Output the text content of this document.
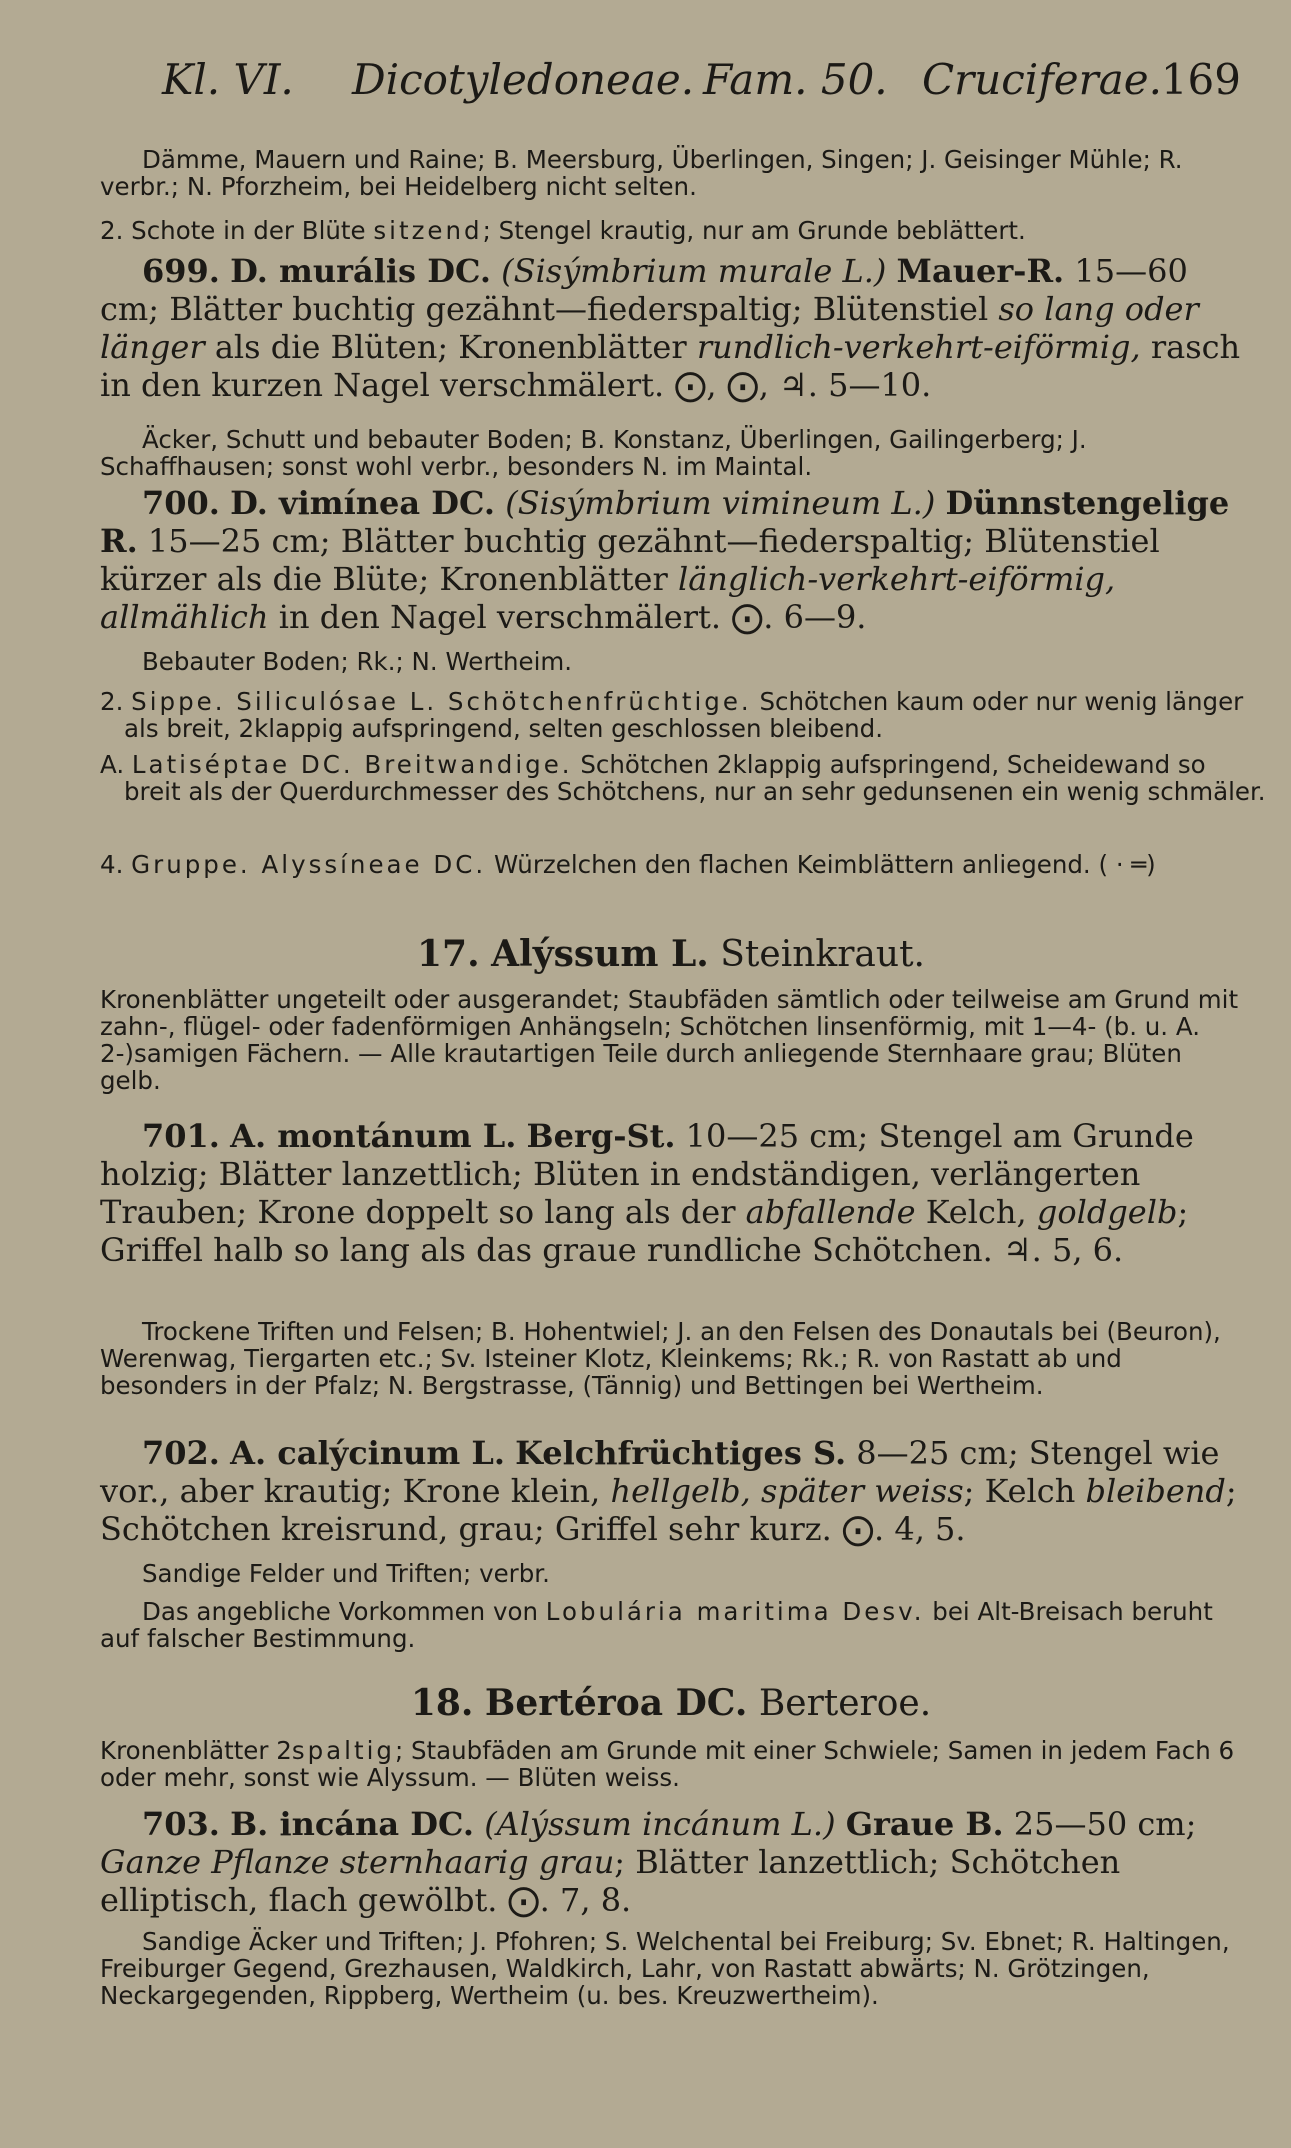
Kl. VI. Dicotyledoneae. Fam. 50. Cruciferae.
169

Dämme, Mauern und Raine; B. Meersburg, Überlingen, Singen; J. Geisinger Mühle; R. verbr.; N. Pforzheim, bei Heidelberg nicht selten.

2. Schote in der Blüte sitzend; Stengel krautig, nur am Grunde beblättert.

699. D. murális DC. (Sisýmbrium murale L.) Mauer-R. 15—60 cm; Blätter buchtig gezähnt—fiederspaltig; Blütenstiel so lang oder länger als die Blüten; Kronenblätter rundlich-verkehrt-eiförmig, rasch in den kurzen Nagel verschmälert. ⨀, ⨀, ♃. 5—10.

Äcker, Schutt und bebauter Boden; B. Konstanz, Überlingen, Gailingerberg; J. Schaffhausen; sonst wohl verbr., besonders N. im Maintal.

700. D. vimínea DC. (Sisýmbrium vimineum L.) Dünnstengelige R. 15—25 cm; Blätter buchtig gezähnt—fiederspaltig; Blütenstiel kürzer als die Blüte; Kronenblätter länglich-verkehrt-eiförmig, allmählich in den Nagel verschmälert. ⨀. 6—9.

Bebauter Boden; Rk.; N. Wertheim.

2. Sippe. Siliculósae L. Schötchenfrüchtige. Schötchen kaum oder nur wenig länger als breit, 2klappig aufspringend, selten geschlossen bleibend.

A. Latiséptae DC. Breitwandige. Schötchen 2klappig aufspringend, Scheidewand so breit als der Querdurchmesser des Schötchens, nur an sehr gedunsenen ein wenig schmäler.

4. Gruppe. Alyssíneae DC. Würzelchen den flachen Keimblättern anliegend. ( · ═)

17. Alýssum L. Steinkraut.

Kronenblätter ungeteilt oder ausgerandet; Staubfäden sämtlich oder teilweise am Grund mit zahn-, flügel- oder fadenförmigen Anhängseln; Schötchen linsenförmig, mit 1—4- (b. u. A. 2-)samigen Fächern. — Alle krautartigen Teile durch anliegende Sternhaare grau; Blüten gelb.

701. A. montánum L. Berg-St. 10—25 cm; Stengel am Grunde holzig; Blätter lanzettlich; Blüten in endständigen, verlängerten Trauben; Krone doppelt so lang als der abfallende Kelch, goldgelb; Griffel halb so lang als das graue rundliche Schötchen. ♃. 5, 6.

Trockene Triften und Felsen; B. Hohentwiel; J. an den Felsen des Donautals bei (Beuron), Werenwag, Tiergarten etc.; Sv. Isteiner Klotz, Kleinkems; Rk.; R. von Rastatt ab und besonders in der Pfalz; N. Bergstrasse, (Tännig) und Bettingen bei Wertheim.

702. A. calýcinum L. Kelchfrüchtiges S. 8—25 cm; Stengel wie vor., aber krautig; Krone klein, hellgelb, später weiss; Kelch bleibend; Schötchen kreisrund, grau; Griffel sehr kurz. ⨀. 4, 5.

Sandige Felder und Triften; verbr.

Das angebliche Vorkommen von Lobulária maritima Desv. bei Alt-Breisach beruht auf falscher Bestimmung.

18. Bertéroa DC. Berteroe.

Kronenblätter 2spaltig; Staubfäden am Grunde mit einer Schwiele; Samen in jedem Fach 6 oder mehr, sonst wie Alyssum. — Blüten weiss.

703. B. incána DC. (Alýssum incánum L.) Graue B. 25—50 cm; Ganze Pflanze sternhaarig grau; Blätter lanzettlich; Schötchen elliptisch, flach gewölbt. ⨀. 7, 8.

Sandige Äcker und Triften; J. Pfohren; S. Welchental bei Freiburg; Sv. Ebnet; R. Haltingen, Freiburger Gegend, Grezhausen, Waldkirch, Lahr, von Rastatt abwärts; N. Grötzingen, Neckargegenden, Rippberg, Wertheim (u. bes. Kreuzwertheim).
